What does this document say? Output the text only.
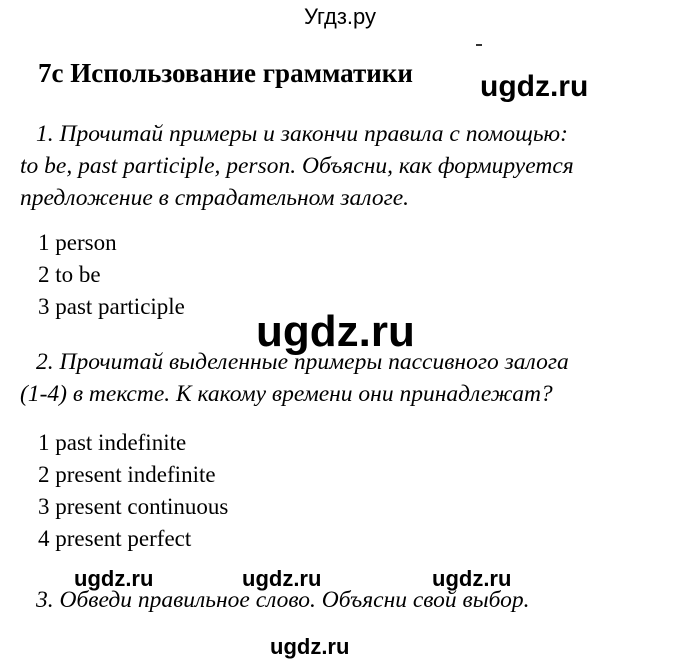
Угдз.ру
7c Использование грамматики ugdz.ru
1. Прочитай примеры и закончи правила с помощью:
to be, past participle, person. Объясни, как формируется
предложение в страдательном залоге.
1 person
2 to be
3 past participle
ugdz.ru
2. Прочитай выделенные примеры пассивного залога
(1-4) в тексте. К какому времени они принадлежат?
1 past indefinite
2 present indefinite
3 present continuous
4 present perfect
ugdz.ru	ugdz.ru	ugdz.ru
3. Обведи правильное слово. Объясни свой выбор.
ugdz.ru
